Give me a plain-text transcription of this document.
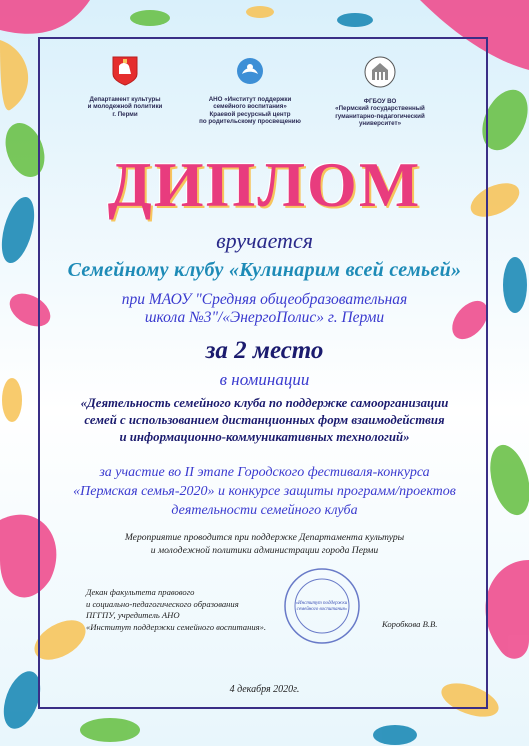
Департамент культуры
и молодежной политики
г. Перми
АНО «Институт поддержки
семейного воспитания»
Краевой ресурсный центр
по родительскому просвещению
ФГБОУ ВО
«Пермский государственный
гуманитарно-педагогический
университет»
ДИПЛОМ
вручается
Семейному клубу «Кулинарим всей семьей»
при МАОУ "Средняя общеобразовательная
школа №3"/«ЭнергоПолис» г. Перми
за 2 место
в номинации
«Деятельность семейного клуба по поддержке самоорганизации
семей с использованием дистанционных форм взаимодействия
и информационно-коммуникативных технологий»
за участие во II этапе Городского фестиваля-конкурса
«Пермская семья-2020» и конкурсе защиты программ/проектов
деятельности семейного клуба
Мероприятие проводится при поддержке Департамента культуры
и молодежной политики администрации города Перми
Декан факультета правового
и социально-педагогического образования
ПГГПУ, учредитель АНО
«Институт поддержки семейного воспитания».
«Институт поддержки семейного воспитания»
Коробкова В.В.
4 декабря 2020г.
